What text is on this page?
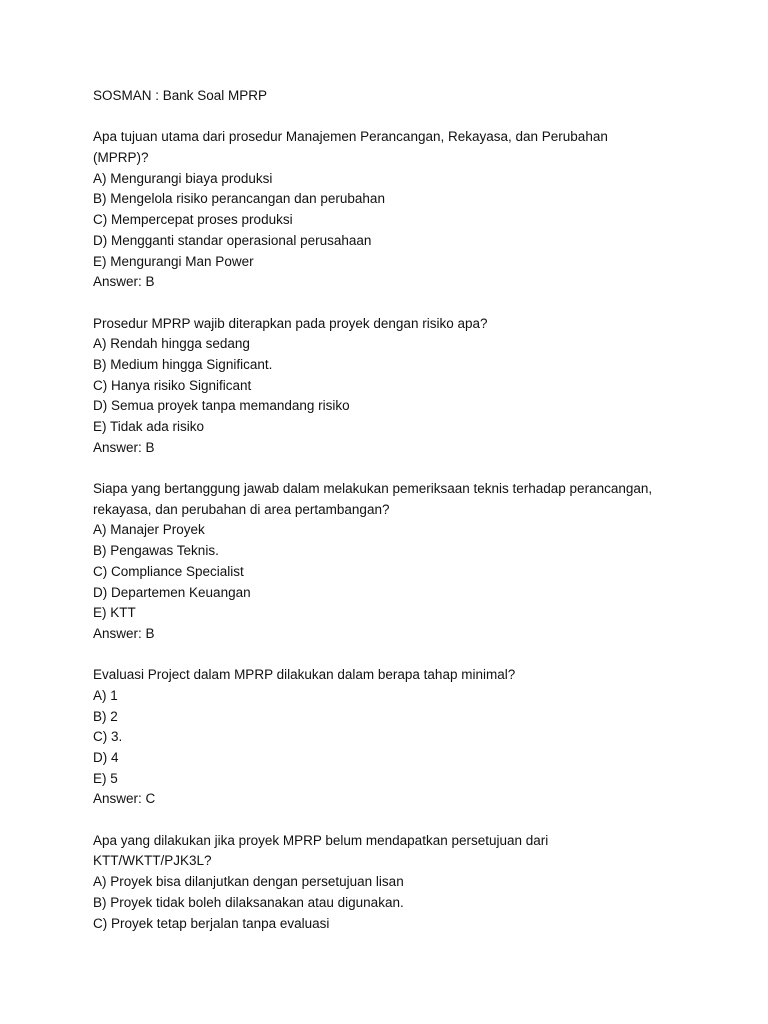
SOSMAN : Bank Soal MPRP
Apa tujuan utama dari prosedur Manajemen Perancangan, Rekayasa, dan Perubahan
(MPRP)?
A) Mengurangi biaya produksi
B) Mengelola risiko perancangan dan perubahan
C) Mempercepat proses produksi
D) Mengganti standar operasional perusahaan
E) Mengurangi Man Power
Answer: B
Prosedur MPRP wajib diterapkan pada proyek dengan risiko apa?
A) Rendah hingga sedang
B) Medium hingga Significant.
C) Hanya risiko Significant
D) Semua proyek tanpa memandang risiko
E) Tidak ada risiko
Answer: B
Siapa yang bertanggung jawab dalam melakukan pemeriksaan teknis terhadap perancangan,
rekayasa, dan perubahan di area pertambangan?
A) Manajer Proyek
B) Pengawas Teknis.
C) Compliance Specialist
D) Departemen Keuangan
E) KTT
Answer: B
Evaluasi Project dalam MPRP dilakukan dalam berapa tahap minimal?
A) 1
B) 2
C) 3.
D) 4
E) 5
Answer: C
Apa yang dilakukan jika proyek MPRP belum mendapatkan persetujuan dari
KTT/WKTT/PJK3L?
A) Proyek bisa dilanjutkan dengan persetujuan lisan
B) Proyek tidak boleh dilaksanakan atau digunakan.
C) Proyek tetap berjalan tanpa evaluasi
